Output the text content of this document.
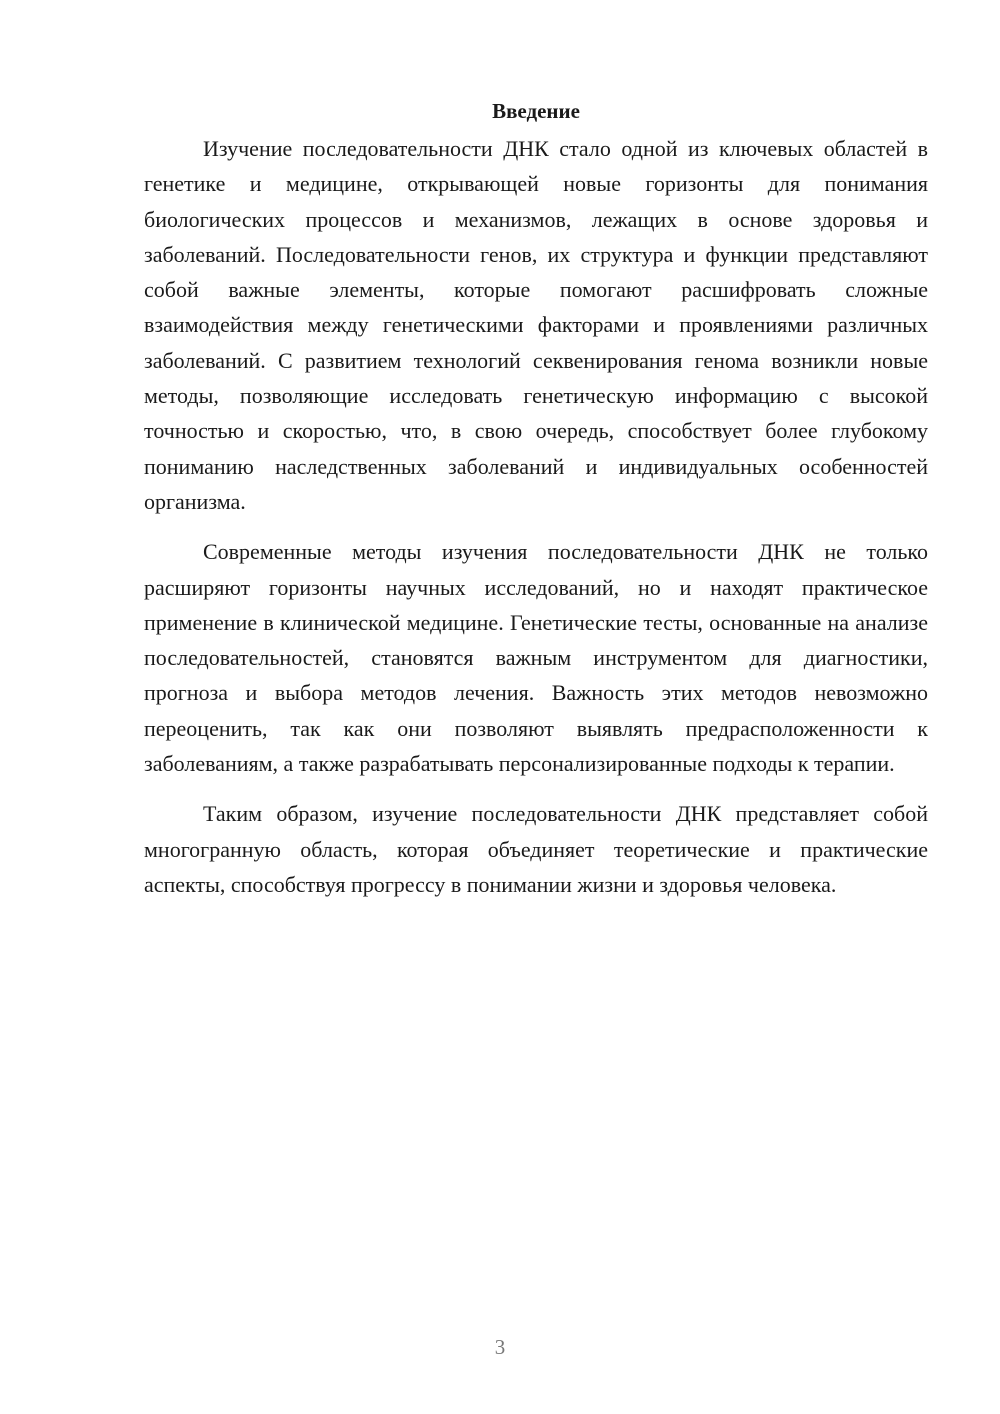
Введение

Изучение последовательности ДНК стало одной из ключевых областей в генетике и медицине, открывающей новые горизонты для понимания биологических процессов и механизмов, лежащих в основе здоровья и заболеваний. Последовательности генов, их структура и функции представляют собой важные элементы, которые помогают расшифровать сложные взаимодействия между генетическими факторами и проявлениями различных заболеваний. С развитием технологий секвенирования генома возникли новые методы, позволяющие исследовать генетическую информацию с высокой точностью и скоростью, что, в свою очередь, способствует более глубокому пониманию наследственных заболеваний и индивидуальных особенностей организма.

Современные методы изучения последовательности ДНК не только расширяют горизонты научных исследований, но и находят практическое применение в клинической медицине. Генетические тесты, основанные на анализе последовательностей, становятся важным инструментом для диагностики, прогноза и выбора методов лечения. Важность этих методов невозможно переоценить, так как они позволяют выявлять предрасположенности к заболеваниям, а также разрабатывать персонализированные подходы к терапии.

Таким образом, изучение последовательности ДНК представляет собой многогранную область, которая объединяет теоретические и практические аспекты, способствуя прогрессу в понимании жизни и здоровья человека.

3
